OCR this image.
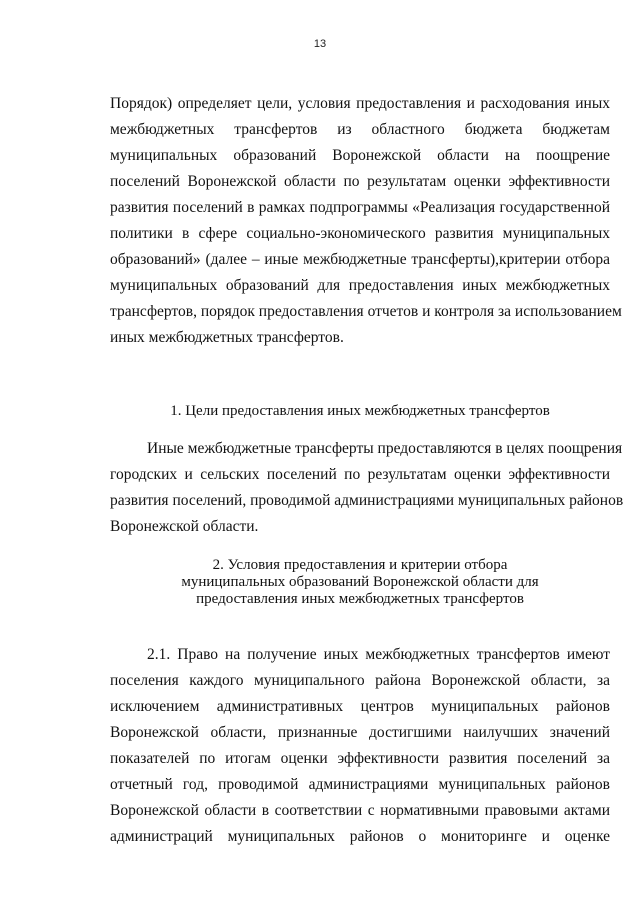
13
Порядок) определяет цели, условия предоставления и расходования иных
межбюджетных трансфертов из областного бюджета бюджетам
муниципальных образований Воронежской области на поощрение
поселений Воронежской области по результатам оценки эффективности
развития поселений в рамках подпрограммы «Реализация государственной
политики в сфере социально-экономического развития муниципальных
образований» (далее – иные межбюджетные трансферты),критерии отбора
муниципальных образований для предоставления иных межбюджетных
трансфертов, порядок предоставления отчетов и контроля за использованием
иных межбюджетных трансфертов.
1. Цели предоставления иных межбюджетных трансфертов
Иные межбюджетные трансферты предоставляются в целях поощрения
городских и сельских поселений по результатам оценки эффективности
развития поселений, проводимой администрациями муниципальных районов
Воронежской области.
2. Условия предоставления и критерии отбора
муниципальных образований Воронежской области для
предоставления иных межбюджетных трансфертов
2.1. Право на получение иных межбюджетных трансфертов имеют
поселения каждого муниципального района Воронежской области, за
исключением административных центров муниципальных районов
Воронежской области, признанные достигшими наилучших значений
показателей по итогам оценки эффективности развития поселений за
отчетный год, проводимой администрациями муниципальных районов
Воронежской области в соответствии с нормативными правовыми актами
администраций муниципальных районов о мониторинге и оценке
